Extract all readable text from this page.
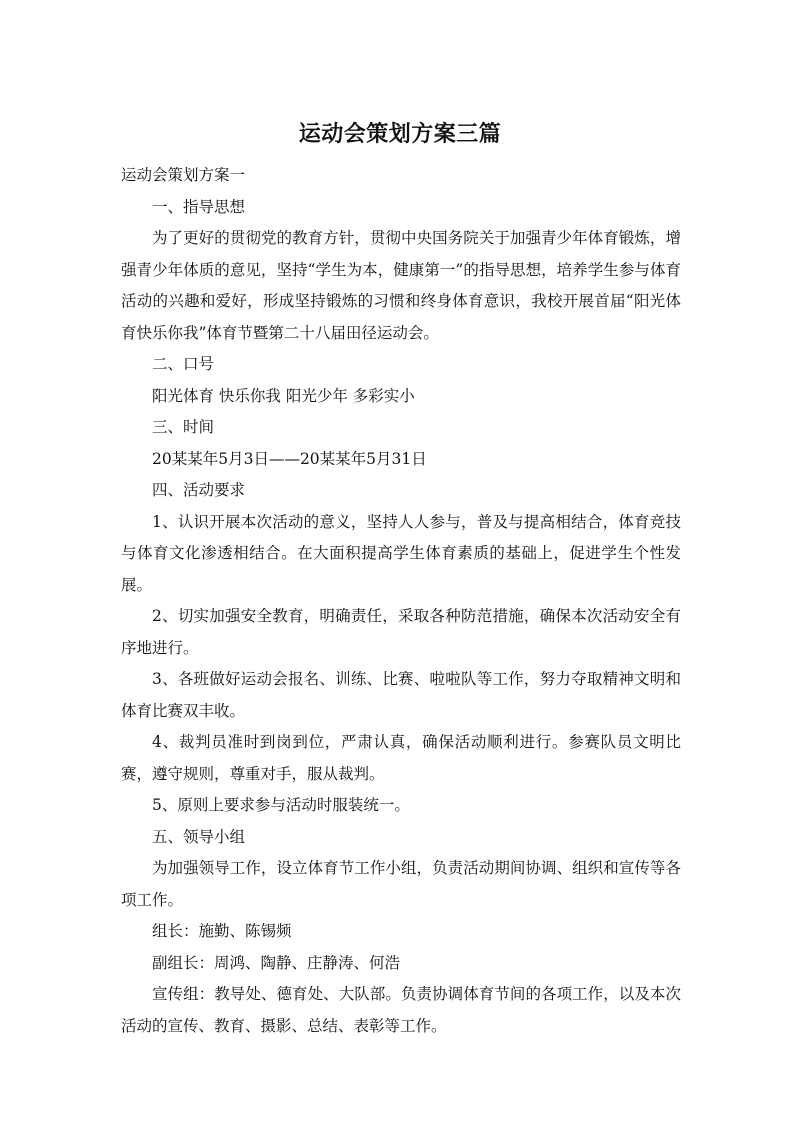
运动会策划方案三篇

运动会策划方案一

一、指导思想

为了更好的贯彻党的教育方针，贯彻中央国务院关于加强青少年体育锻炼，增强青少年体质的意见，坚持“学生为本，健康第一”的指导思想，培养学生参与体育活动的兴趣和爱好，形成坚持锻炼的习惯和终身体育意识，我校开展首届“阳光体育快乐你我”体育节暨第二十八届田径运动会。

二、口号

阳光体育 快乐你我 阳光少年 多彩实小

三、时间

20某某年5月3日——20某某年5月31日

四、活动要求

1、认识开展本次活动的意义，坚持人人参与，普及与提高相结合，体育竞技与体育文化渗透相结合。在大面积提高学生体育素质的基础上，促进学生个性发展。

2、切实加强安全教育，明确责任，采取各种防范措施，确保本次活动安全有序地进行。

3、各班做好运动会报名、训练、比赛、啦啦队等工作，努力夺取精神文明和体育比赛双丰收。

4、裁判员准时到岗到位，严肃认真，确保活动顺利进行。参赛队员文明比赛，遵守规则，尊重对手，服从裁判。

5、原则上要求参与活动时服装统一。

五、领导小组

为加强领导工作，设立体育节工作小组，负责活动期间协调、组织和宣传等各项工作。

组长：施勤、陈锡频

副组长：周鸿、陶静、庄静涛、何浩

宣传组：教导处、德育处、大队部。负责协调体育节间的各项工作，以及本次活动的宣传、教育、摄影、总结、表彰等工作。
